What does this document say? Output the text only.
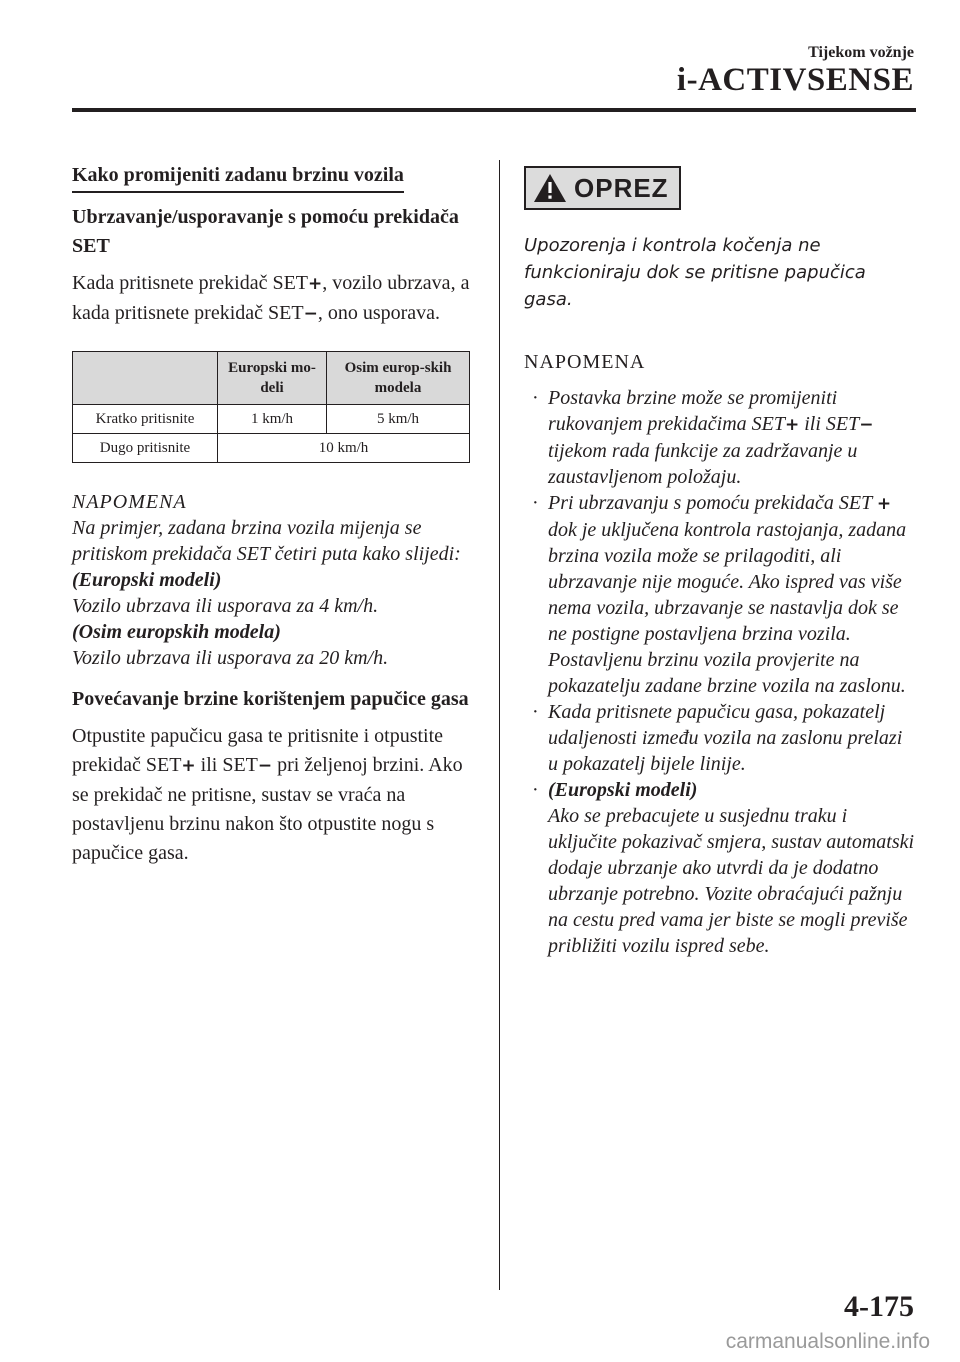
Tijekom vožnje
i-ACTIVSENSE
Kako promijeniti zadanu brzinu vozila
Ubrzavanje/usporavanje s pomoću prekidača SET
Kada pritisnete prekidač SET+, vozilo ubrzava, a kada pritisnete prekidač SET−, ono usporava.
	Europski mo-deli	Osim europ-skih modela
Kratko pritisnite	1 km/h	5 km/h
Dugo pritisnite	10 km/h	
NAPOMENA
Na primjer, zadana brzina vozila mijenja se pritiskom prekidača SET četiri puta kako slijedi:
(Europski modeli)
Vozilo ubrzava ili usporava za 4 km/h.
(Osim europskih modela)
Vozilo ubrzava ili usporava za 20 km/h.
Povećavanje brzine korištenjem papučice gasa
Otpustite papučicu gasa te pritisnite i otpustite prekidač SET+ ili SET− pri željenoj brzini. Ako se prekidač ne pritisne, sustav se vraća na postavljenu brzinu nakon što otpustite nogu s papučice gasa.
OPREZ
Upozorenja i kontrola kočenja ne funkcioniraju dok se pritisne papučica gasa.
NAPOMENA
· Postavka brzine može se promijeniti rukovanjem prekidačima SET+ ili SET− tijekom rada funkcije za zadržavanje u zaustavljenom položaju.
· Pri ubrzavanju s pomoću prekidača SET + dok je uključena kontrola rastojanja, zadana brzina vozila može se prilagoditi, ali ubrzavanje nije moguće. Ako ispred vas više nema vozila, ubrzavanje se nastavlja dok se ne postigne postavljena brzina vozila. Postavljenu brzinu vozila provjerite na pokazatelju zadane brzine vozila na zaslonu.
· Kada pritisnete papučicu gasa, pokazatelj udaljenosti između vozila na zaslonu prelazi u pokazatelj bijele linije.
· (Europski modeli)
Ako se prebacujete u susjednu traku i uključite pokazivač smjera, sustav automatski dodaje ubrzanje ako utvrdi da je dodatno ubrzanje potrebno. Vozite obraćajući pažnju na cestu pred vama jer biste se mogli previše približiti vozilu ispred sebe.
4-175
carmanualsonline.info
